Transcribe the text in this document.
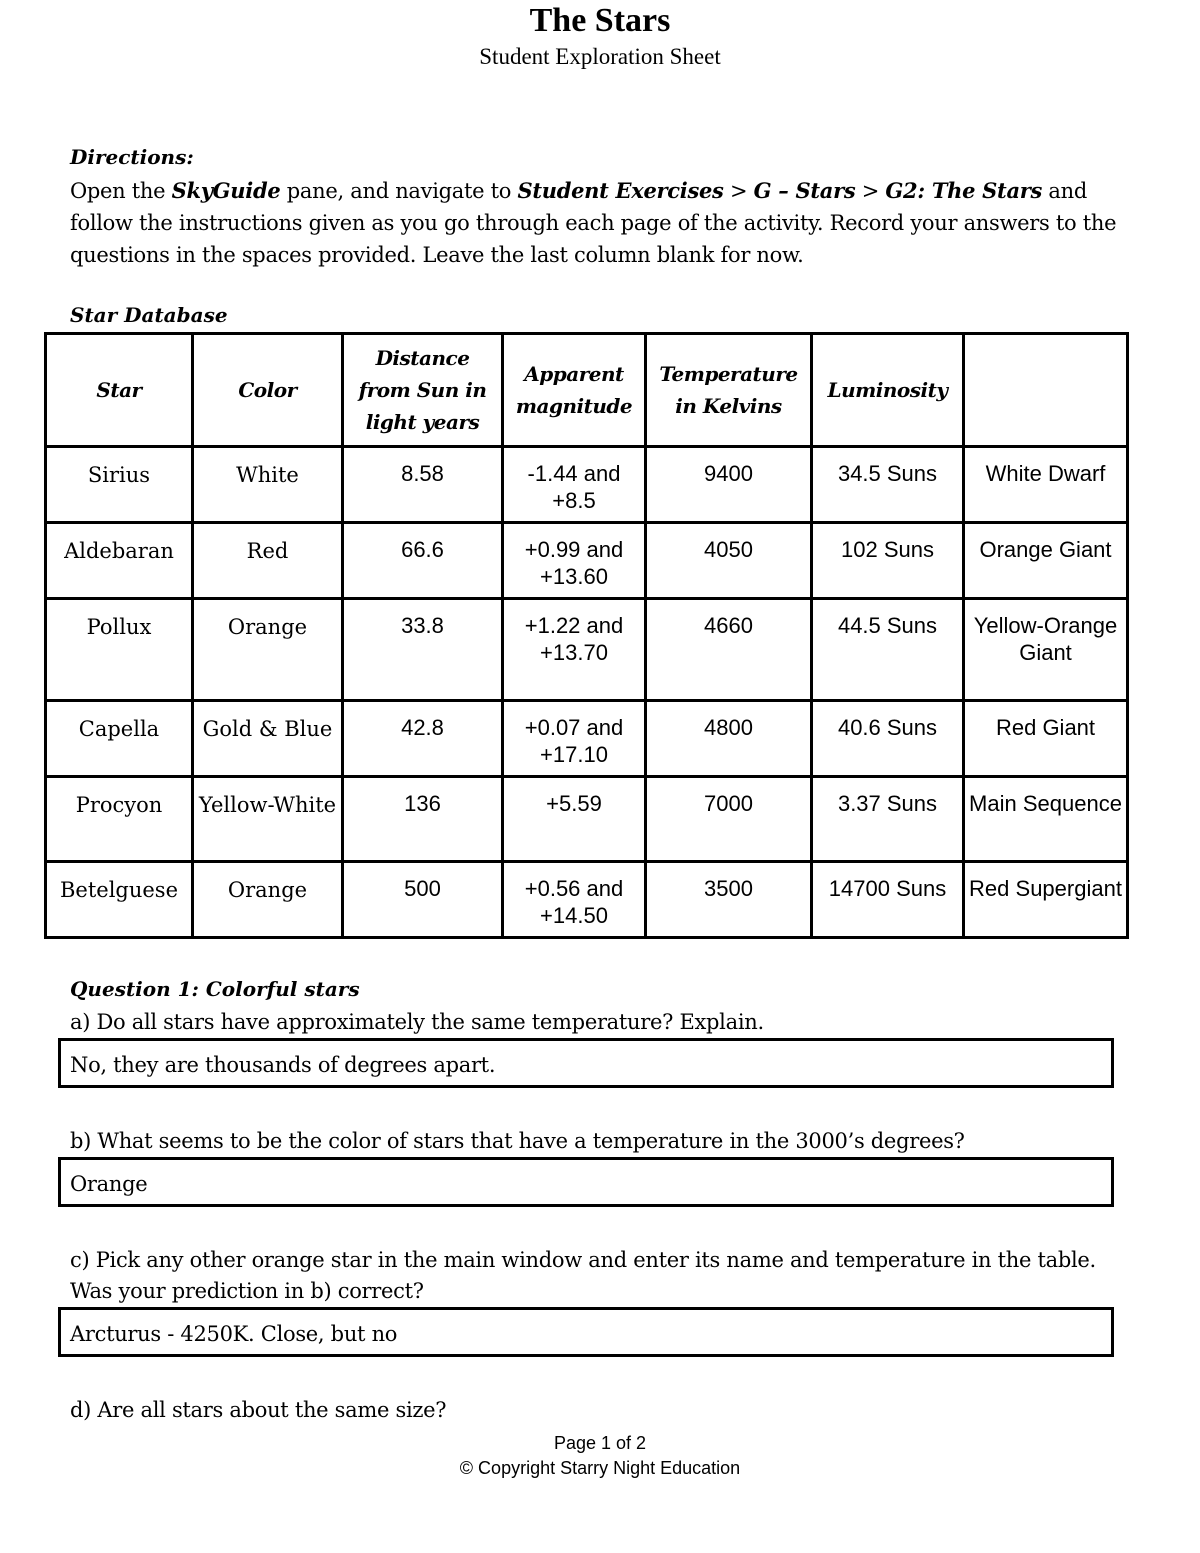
The Stars
Student Exploration Sheet
Directions:
Open the SkyGuide pane, and navigate to Student Exercises > G – Stars > G2: The Stars and follow the instructions given as you go through each page of the activity. Record your answers to the questions in the spaces provided. Leave the last column blank for now.
Star Database
Star	Color	Distance from Sun in light years	Apparent magnitude	Temperature in Kelvins	Luminosity	
Sirius	White	8.58	-1.44 and +8.5	9400	34.5 Suns	White Dwarf
Aldebaran	Red	66.6	+0.99 and +13.60	4050	102 Suns	Orange Giant
Pollux	Orange	33.8	+1.22 and +13.70	4660	44.5 Suns	Yellow-Orange Giant
Capella	Gold & Blue	42.8	+0.07 and +17.10	4800	40.6 Suns	Red Giant
Procyon	Yellow-White	136	+5.59	7000	3.37 Suns	Main Sequence
Betelguese	Orange	500	+0.56 and +14.50	3500	14700 Suns	Red Supergiant
Question 1: Colorful stars
a) Do all stars have approximately the same temperature? Explain.
No, they are thousands of degrees apart.
b) What seems to be the color of stars that have a temperature in the 3000’s degrees?
Orange
c) Pick any other orange star in the main window and enter its name and temperature in the table. Was your prediction in b) correct?
Arcturus - 4250K. Close, but no
d) Are all stars about the same size?
Page 1 of 2
© Copyright Starry Night Education
